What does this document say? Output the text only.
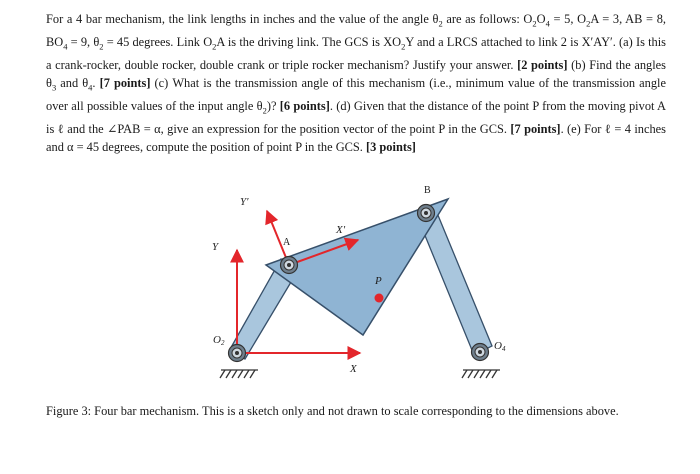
For a 4 bar mechanism, the link lengths in inches and the value of the angle $\theta_2$ are as follows: $O_2O_4 = 5$, $O_2A = 3$, AB = 8, $BO_4 = 9$, $\theta_2 = 45$ degrees. Link $O_2A$ is the driving link. The GCS is $XO_2Y$ and a LRCS attached to link 2 is X′AY′. (a) Is this a crank-rocker, double rocker, double crank or triple rocker mechanism? Justify your answer. [2 points] (b) Find the angles $\theta_3$ and $\theta_4$. [7 points] (c) What is the transmission angle of this mechanism (i.e., minimum value of the transmission angle over all possible values of the input angle $\theta_2$)? [6 points]. (d) Given that the distance of the point P from the moving pivot A is ℓ and the ∠PAB = α, give an expression for the position vector of the point P in the GCS. [7 points]. (e) For ℓ = 4 inches and α = 45 degrees, compute the position of point P in the GCS. [3 points]
Y′
X′
Y
X
A
B
P
O2	O4
Figure 3: Four bar mechanism. This is a sketch only and not drawn to scale corresponding to the dimensions above.
